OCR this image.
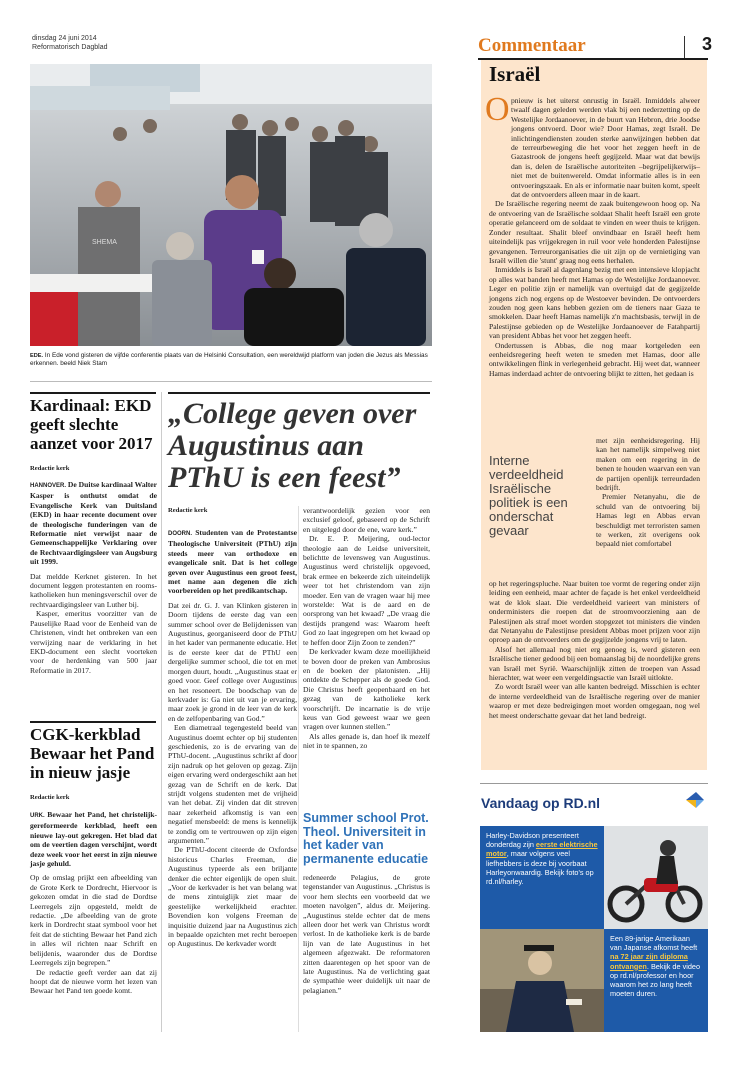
dinsdag 24 juni 2014
Reformatorisch Dagblad	Commentaar	3
SHEMA
EDE. In Ede vond gisteren de vijfde conferentie plaats van de Helsinki Consultation, een wereldwijd platform van joden die Jezus als Messias erkennen. beeld Niek Stam
Kardinaal: EKD geeft slechte aanzet voor 2017
Redactie kerk

HANNOVER. De Duitse kardinaal Walter Kasper is onthutst omdat de Evangelische Kerk van Duitsland (EKD) in haar recente document over de theologische funderingen van de Reformatie niet verwijst naar de Gemeenschappelijke Verklaring over de Rechtvaardigingsleer van Augsburg uit 1999.

Dat meldde Kerknet gisteren. In het document leggen protestanten en rooms-katholieken hun meningsverschil over de rechtvaardigingsleer van Luther bij.

Kasper, emeritus voorzitter van de Pauselijke Raad voor de Eenheid van de Christenen, vindt het ontbreken van een verwijzing naar de verklaring in het EKD-document een slecht voorteken voor de herdenking van 500 jaar Reformatie in 2017.

CGK-kerkblad Bewaar het Pand in nieuw jasje
Redactie kerk

URK. Bewaar het Pand, het christelijk-gereformeerde kerkblad, heeft een nieuwe lay-out gekregen. Het blad dat om de veertien dagen verschijnt, wordt deze week voor het eerst in zijn nieuwe jasje gehuld.

Op de omslag prijkt een afbeelding van de Grote Kerk te Dordrecht, Hiervoor is gekozen omdat in die stad de Dordtse Leerregels zijn opgesteld, meldt de redactie. „De afbeelding van de grote kerk in Dordrecht staat symbool voor het feit dat de stichting Bewaar het Pand zich in alles wil richten naar Schrift en belijdenis, waaronder dus de Dordtse Leerregels zijn begrepen.”

De redactie geeft verder aan dat zij hoopt dat de nieuwe vorm het lezen van Bewaar het Pand ten goede komt.

„College geven over Augustinus aan PThU is een feest”
Redactie kerk

DOORN. Studenten van de Protestantse Theologische Universiteit (PThU) zijn steeds meer van orthodoxe en evangelicale snit. Dat is het college geven over Augustinus een groot feest, met name aan degenen die zich voorbereiden op het predikantschap.

Dat zei dr. G. J. van Klinken gisteren in Doorn tijdens de eerste dag van een summer school over de Belijdenissen van Augustinus, georganiseerd door de PThU in het kader van permanente educatie. Het is de eerste keer dat de PThU een dergelijke summer school, die tot en met morgen duurt, houdt. „Augustinus staat er goed voor. Geef college over Augustinus en het resoneert. De boodschap van de kerkvader is: Ga niet uit van je ervaring, maar zoek je grond in de leer van de kerk en de zelfopenbaring van God.”

Een diametraal tegengesteld beeld van Augustinus doemt echter op bij studenten geschiedenis, zo is de ervaring van de PThU-docent. „Augustinus schrikt af door zijn nadruk op het geloven op gezag. Zijn eigen ervaring werd ondergeschikt aan het gezag van de Schrift en de kerk. Dat strijdt volgens studenten met de vrijheid van het debat. Zij vinden dat dit streven naar zekerheid afkomstig is van een negatief mensbeeld: de mens is kennelijk te zondig om te vertrouwen op zijn eigen argumenten.”

De PThU-docent citeerde de Oxfordse historicus Charles Freeman, die Augustinus typeerde als een briljante denker die echter eigenlijk de open sluit. „Voor de kerkvader is het van belang wat de mens zintuiglijk ziet maar de geestelijke werkelijkheid erachter. Bovendien kon volgens Freeman de inquisitie duizend jaar na Augustinus zich in bepaalde opzichten met recht beroepen op Augustinus. De kerkvader wordt

verantwoordelijk gezien voor een exclusief geloof, gebaseerd op de Schrift en uitgelegd door de ene, ware kerk.”

Dr. E. P. Meijering, oud-lector theologie aan de Leidse universiteit, belichtte de levensweg van Augustinus. Augustinus werd christelijk opgevoed, brak ermee en bekeerde zich uiteindelijk weer tot het christendom van zijn moeder. Een van de vragen waar hij mee worstelde: Wat is de aard en de oorsprong van het kwaad? „De vraag die destijds prangend was: Waarom heeft God zo laat ingegrepen om het kwaad op te heffen door Zijn Zoon te zenden?”

De kerkvader kwam deze moeilijkheid te boven door de preken van Ambrosius en de boeken der platonisten. „Hij ontdekte de Schepper als de goede God. Die Christus heeft geopenbaard en het gezag van de katholieke kerk voorschrijft. De incarnatie is de vrije keus van God geweest waar we geen vragen over kunnen stellen.”

Als alles genade is, dan hoef ik mezelf niet in te spannen, zo

Summer school Prot. Theol. Universiteit in het kader van permanente educatie

redeneerde Pelagius, de grote tegenstander van Augustinus. „Christus is voor hem slechts een voorbeeld dat we moeten navolgen”, aldus dr. Meijering. „Augustinus stelde echter dat de mens alleen door het werk van Christus wordt verlost. In de katholieke kerk is de barde lijn van de late Augustinus in het algemeen afgezwakt. De reformatoren zitten daarentegen op het spoor van de late Augustinus. Na de verlichting gaat de sympathie weer duidelijk uit naar de pelagianen.”

Israël
O pnieuw is het uiterst onrustig in Israël. Inmiddels alweer twaalf dagen geleden werden vlak bij een nederzetting op de Westelijke Jordaanoever, in de buurt van Hebron, drie Joodse jongens ontvoerd. Door wie? Door Hamas, zegt Israël. De inlichtingendiensten zouden sterke aanwijzingen hebben dat de terreurbeweging die het voor het zeggen heeft in de Gazastrook de jongens heeft gegijzeld. Maar wat dat bewijs dan is, delen de Israëlische autoriteiten –begrijpelijkerwijs– niet met de buitenwereld. Omdat informatie alles is in een ontvoeringszaak. En als er informatie naar buiten komt, speelt dat de ontvoerders alleen maar in de kaart.

De Israëlische regering neemt de zaak buitengewoon hoog op. Na de ontvoering van de Israëlische soldaat Shalit heeft Israël een grote operatie gelanceerd om de soldaat te vinden en weer thuis te krijgen. Zonder resultaat. Shalit bleef onvindbaar en Israël heeft hem uiteindelijk pas vrijgekregen in ruil voor vele honderden Palestijnse gevangenen. Terreurorganisaties die uit zijn op de vernietiging van Israël willen die 'stunt' graag nog eens herhalen.

Inmiddels is Israël al dagenlang bezig met een intensieve klopjacht op alles wat banden heeft met Hamas op de Westelijke Jordaanoever. Leger en politie zijn er namelijk van overtuigd dat de gegijzelde jongens zich nog ergens op de Westoever bevinden. De ontvoerders zouden nog geen kans hebben gezien om de tieners naar Gaza te smokkelen. Daar heeft Hamas namelijk z'n machtsbasis, terwijl in de Palestijnse gebieden op de Westelijke Jordaanoever de Fatahpartij van president Abbas het voor het zeggen heeft.

Ondertussen is Abbas, die nog maar kortgeleden een eenheidsregering heeft weten te smeden met Hamas, door alle ontwikkelingen flink in verlegenheid gebracht. Hij weet dat, wanneer Hamas inderdaad achter de ontvoering blijkt te zitten, het gedaan is

Interne verdeeldheid Israëlische politiek is een onderschat gevaar

met zijn eenheidsregering. Hij kan het namelijk simpelweg niet maken om een regering in de benen te houden waarvan een van de partijen openlijk terreurdaden bedrijft.

Premier Netanyahu, die de schuld van de ontvoering bij Hamas legt en Abbas ervan beschuldigt met terroristen samen te werken, zit overigens ook bepaald niet comfortabel

op het regeringspluche. Naar buiten toe vormt de regering onder zijn leiding een eenheid, maar achter de façade is het enkel verdeeldheid wat de klok slaat. Die verdeeldheid varieert van ministers of onderministers die roepen dat de stroomvoorziening aan de Palestijnen als straf moet worden stopgezet tot ministers die vinden dat Netanyahu de Palestijnse president Abbas moet prijzen voor zijn oproep aan de ontvoerders om de gegijzelde jongens vrij te laten.

Alsof het allemaal nog niet erg genoeg is, werd gisteren een Israëlische tiener gedood bij een bomaanslag bij de noordelijke grens van Israël met Syrië. Waarschijnlijk zitten de troepen van Assad hierachter, wat weer een vergeldingsactie van Israël uitlokte.

Zo wordt Israël weer van alle kanten bedreigd. Misschien is echter de interne verdeeldheid van de Israëlische regering over de manier waarop er met deze bedreigingen moet worden omgegaan, nog wel het meest onderschatte gevaar dat het land bedreigt.

Vandaag op RD.nl
Harley-Davidson presenteert donderdag zijn eerste elektrische motor, maar volgens veel liefhebbers is deze bij voorbaat Harleyonwaardig. Bekijk foto's op rd.nl/harley.
Een 89-jarige Amerikaan van Japanse afkomst heeft na 72 jaar zijn diploma ontvangen. Bekijk de video op rd.nl/professor en hoor waarom het zo lang heeft moeten duren.
